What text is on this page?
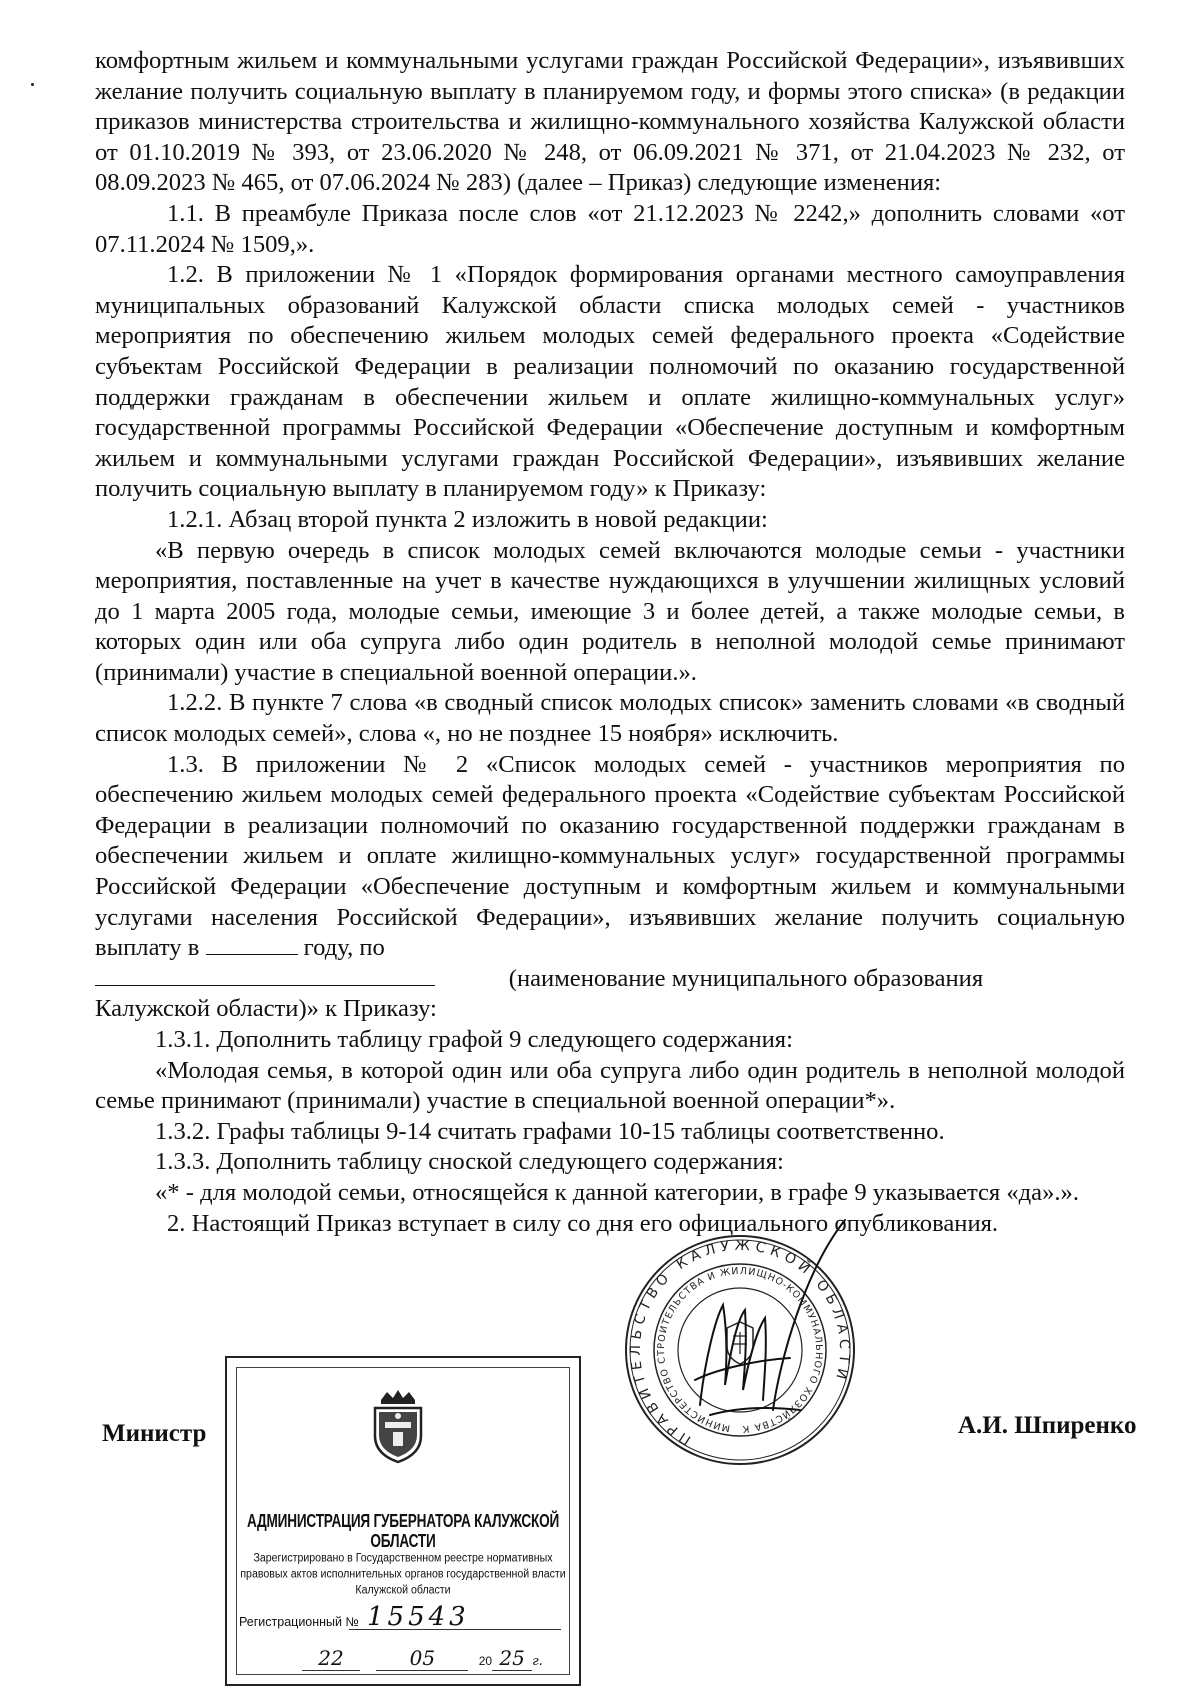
комфортным жильем и коммунальными услугами граждан Российской Федерации», изъявивших желание получить социальную выплату в планируемом году, и формы этого списка» (в редакции приказов министерства строительства и жилищно-коммунального хозяйства Калужской области от 01.10.2019 № 393, от 23.06.2020 № 248, от 06.09.2021 № 371, от 21.04.2023 № 232, от 08.09.2023 № 465, от 07.06.2024 № 283) (далее – Приказ) следующие изменения:

1.1. В преамбуле Приказа после слов «от 21.12.2023 № 2242,» дополнить словами «от 07.11.2024 № 1509,».

1.2. В приложении № 1 «Порядок формирования органами местного самоуправления муниципальных образований Калужской области списка молодых семей - участников мероприятия по обеспечению жильем молодых семей федерального проекта «Содействие субъектам Российской Федерации в реализации полномочий по оказанию государственной поддержки гражданам в обеспечении жильем и оплате жилищно-коммунальных услуг» государственной программы Российской Федерации «Обеспечение доступным и комфортным жильем и коммунальными услугами граждан Российской Федерации», изъявивших желание получить социальную выплату в планируемом году» к Приказу:

1.2.1. Абзац второй пункта 2 изложить в новой редакции:

«В первую очередь в список молодых семей включаются молодые семьи - участники мероприятия, поставленные на учет в качестве нуждающихся в улучшении жилищных условий до 1 марта 2005 года, молодые семьи, имеющие 3 и более детей, а также молодые семьи, в которых один или оба супруга либо один родитель в неполной молодой семье принимают (принимали) участие в специальной военной операции.».

1.2.2. В пункте 7 слова «в сводный список молодых список» заменить словами «в сводный список молодых семей», слова «, но не позднее 15 ноября» исключить.

1.3. В приложении № 2 «Список молодых семей - участников мероприятия по обеспечению жильем молодых семей федерального проекта «Содействие субъектам Российской Федерации в реализации полномочий по оказанию государственной поддержки гражданам в обеспечении жильем и оплате жилищно-коммунальных услуг» государственной программы Российской Федерации «Обеспечение доступным и комфортным жильем и коммунальными услугами населения Российской Федерации», изъявивших желание получить социальную выплату в	году, по

(наименование муниципального образования

Калужской области)» к Приказу:

1.3.1. Дополнить таблицу графой 9 следующего содержания:

«Молодая семья, в которой один или оба супруга либо один родитель в неполной молодой семье принимают (принимали) участие в специальной военной операции*».

1.3.2. Графы таблицы 9-14 считать графами 10-15 таблицы соответственно.

1.3.3. Дополнить таблицу сноской следующего содержания:

«* - для молодой семьи, относящейся к данной категории, в графе 9 указывается «да».».

2. Настоящий Приказ вступает в силу со дня его официального опубликования.

Министр	А.И. Шпиренко
АДМИНИСТРАЦИЯ ГУБЕРНАТОРА КАЛУЖСКОЙ ОБЛАСТИ
Зарегистрировано в Государственном реестре нормативных правовых актов исполнительных органов государственной власти Калужской области
Регистрационный № 15543
22	05	20 25 г.
ПРАВИТЕЛЬСТВО КАЛУЖСКОЙ ОБЛАСТИ
МИНИСТЕРСТВО СТРОИТЕЛЬСТВА И ЖИЛИЩНО-КОММУНАЛЬНОГО ХОЗЯЙСТВА К
